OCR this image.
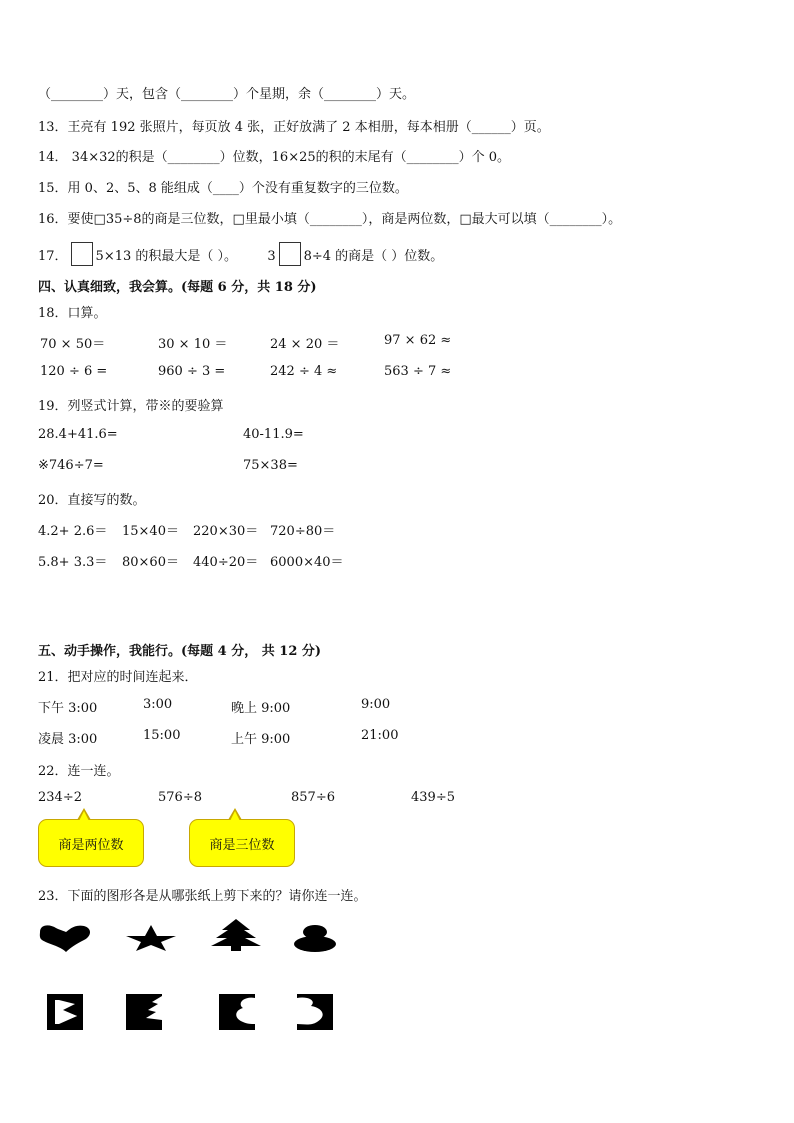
（________）天，包含（________）个星期，余（________）天。
13．王亮有 192 张照片，每页放 4 张，正好放满了 2 本相册，每本相册（______）页。
14． 34×32的积是（________）位数，16×25的积的末尾有（________）个 0。
15．用 0、2、5、8 能组成（____）个没有重复数字的三位数。
16．要使□35÷8的商是三位数，□里最小填（________），商是两位数，□最大可以填（________）。
17． 5×13 的积最大是（ ）。 3 8÷4 的商是（ ）位数。
四、认真细致，我会算。(每题 6 分，共 18 分)
18．口算。
70 × 50＝	30 × 10 ＝	24 × 20 ＝	97 × 62 ≈
120 ÷ 6 =	960 ÷ 3 =	242 ÷ 4 ≈	563 ÷ 7 ≈
19．列竖式计算，带※的要验算
28.4+41.6=	40-11.9=
※746÷7=	75×38=
20．直接写的数。
4.2+ 2.6＝ 15×40＝ 220×30＝ 720÷80＝
5.8+ 3.3＝ 80×60＝ 440÷20＝ 6000×40＝
五、动手操作，我能行。(每题 4 分， 共 12 分)
21．把对应的时间连起来．
下午 3:00	3:00	晚上 9:00	9:00
凌晨 3:00	15:00	上午 9:00	21:00
22．连一连。
234÷2	576÷8	857÷6	439÷5
商是两位数	商是三位数
23．下面的图形各是从哪张纸上剪下来的？请你连一连。
